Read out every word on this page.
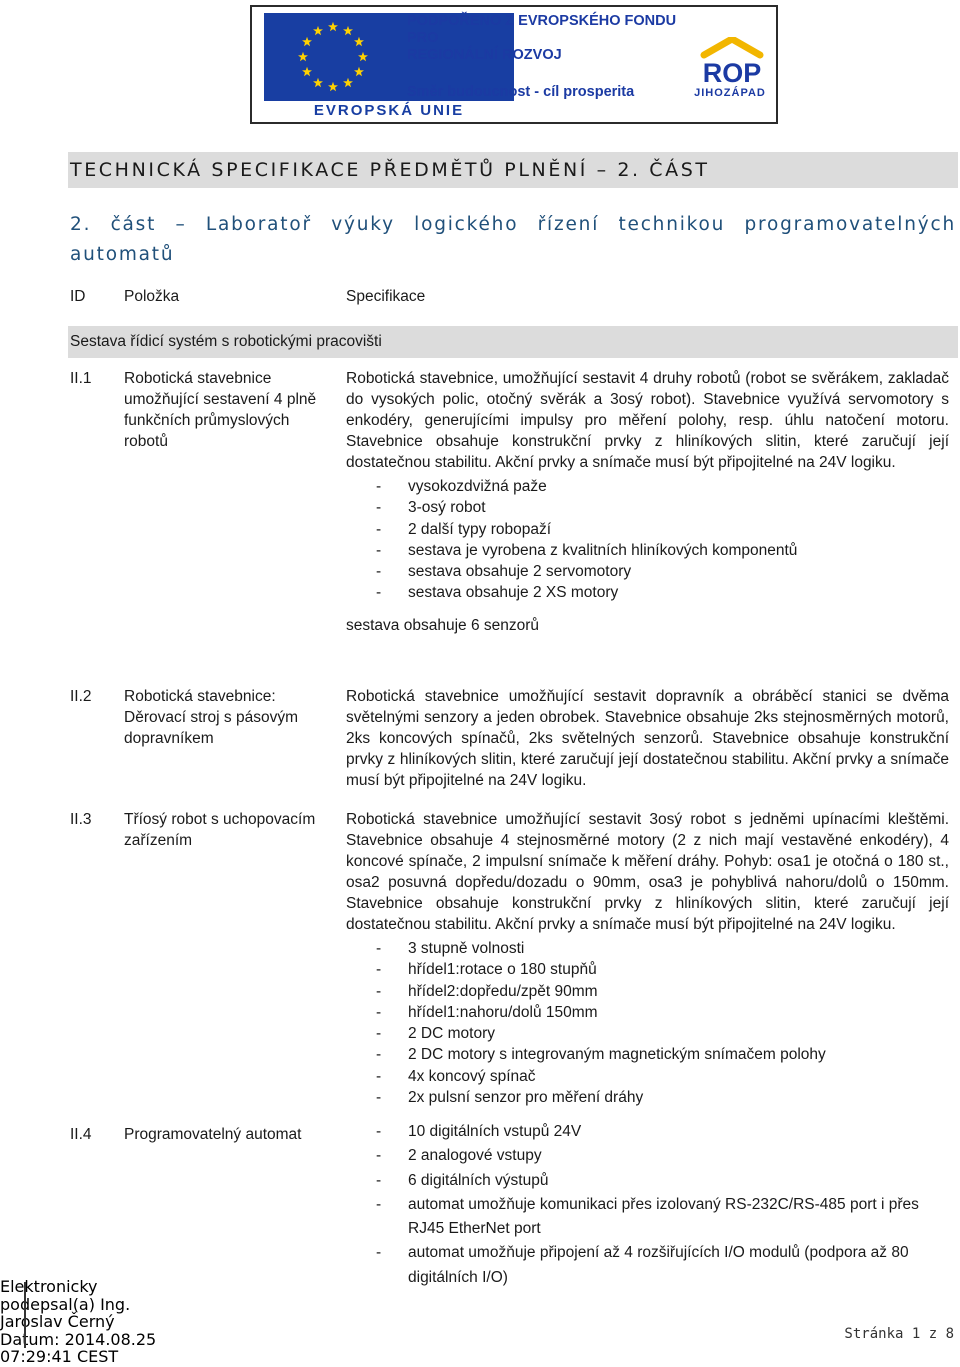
EVROPSKÁ UNIE
PODPOŘENO Z EVROPSKÉHO FONDU
PRO
REGIONÁLNÍ ROZVOJ
Směr budoucnost - cíl prosperita
ROP
JIHOZÁPAD
TECHNICKÁ SPECIFIKACE PŘEDMĚTŮ PLNĚNÍ – 2. ČÁST
2. část – Laboratoř výuky logického řízení technikou programovatelných automatů
ID Položka	Specifikace
Sestava řídicí systém s robotickými pracovišti
II.1	Robotická stavebnice umožňující sestavení 4 plně funkčních průmyslových robotů
Robotická stavebnice, umožňující sestavit 4 druhy robotů (robot se svěrákem, zakladač do vysokých polic, otočný svěrák a 3osý robot). Stavebnice využívá servomotory s enkodéry, generujícími impulsy pro měření polohy, resp. úhlu natočení motoru. Stavebnice obsahuje konstrukční prvky z hliníkových slitin, které zaručují její dostatečnou stabilitu. Akční prvky a snímače musí být připojitelné na 24V logiku.
- vysokozdvižná paže
- 3-osý robot
- 2 další typy robopaží
- sestava je vyrobena z kvalitních hliníkových komponentů
- sestava obsahuje 2 servomotory
- sestava obsahuje 2 XS motory
sestava obsahuje 6 senzorů
II.2	Robotická stavebnice: Děrovací stroj s pásovým dopravníkem
Robotická stavebnice umožňující sestavit dopravník a obráběcí stanici se dvěma světelnými senzory a jeden obrobek. Stavebnice obsahuje 2ks stejnosměrných motorů, 2ks koncových spínačů, 2ks světelných senzorů. Stavebnice obsahuje konstrukční prvky z hliníkových slitin, které zaručují její dostatečnou stabilitu. Akční prvky a snímače musí být připojitelné na 24V logiku.
II.3	Tříosý robot s uchopovacím zařízením
Robotická stavebnice umožňující sestavit 3osý robot s jedněmi upínacími kleštěmi. Stavebnice obsahuje 4 stejnosměrné motory (2 z nich mají vestavěné enkodéry), 4 koncové spínače, 2 impulsní snímače k měření dráhy. Pohyb: osa1 je otočná o 180 st., osa2 posuvná dopředu/dozadu o 90mm, osa3 je pohyblivá nahoru/dolů o 150mm. Stavebnice obsahuje konstrukční prvky z hliníkových slitin, které zaručují její dostatečnou stabilitu. Akční prvky a snímače musí být připojitelné na 24V logiku.
- 3 stupně volnosti
- hřídel1:rotace o 180 stupňů
- hřídel2:dopředu/zpět 90mm
- hřídel1:nahoru/dolů 150mm
- 2 DC motory
- 2 DC motory s integrovaným magnetickým snímačem polohy
- 4x koncový spínač
- 2x pulsní senzor pro měření dráhy
II.4	Programovatelný automat	- 10 digitálních vstupů 24V
- 2 analogové vstupy
- 6 digitálních výstupů
- automat umožňuje komunikaci přes izolovaný RS-232C/RS-485 port i přes RJ45 EtherNet port
- automat umožňuje připojení až 4 rozšiřujících I/O modulů (podpora až 80 digitálních I/O)
Elektronicky
podepsal(a) Ing.
Jaroslav Černý
Datum: 2014.08.25
07:29:41 CEST
Stránka 1 z 8
